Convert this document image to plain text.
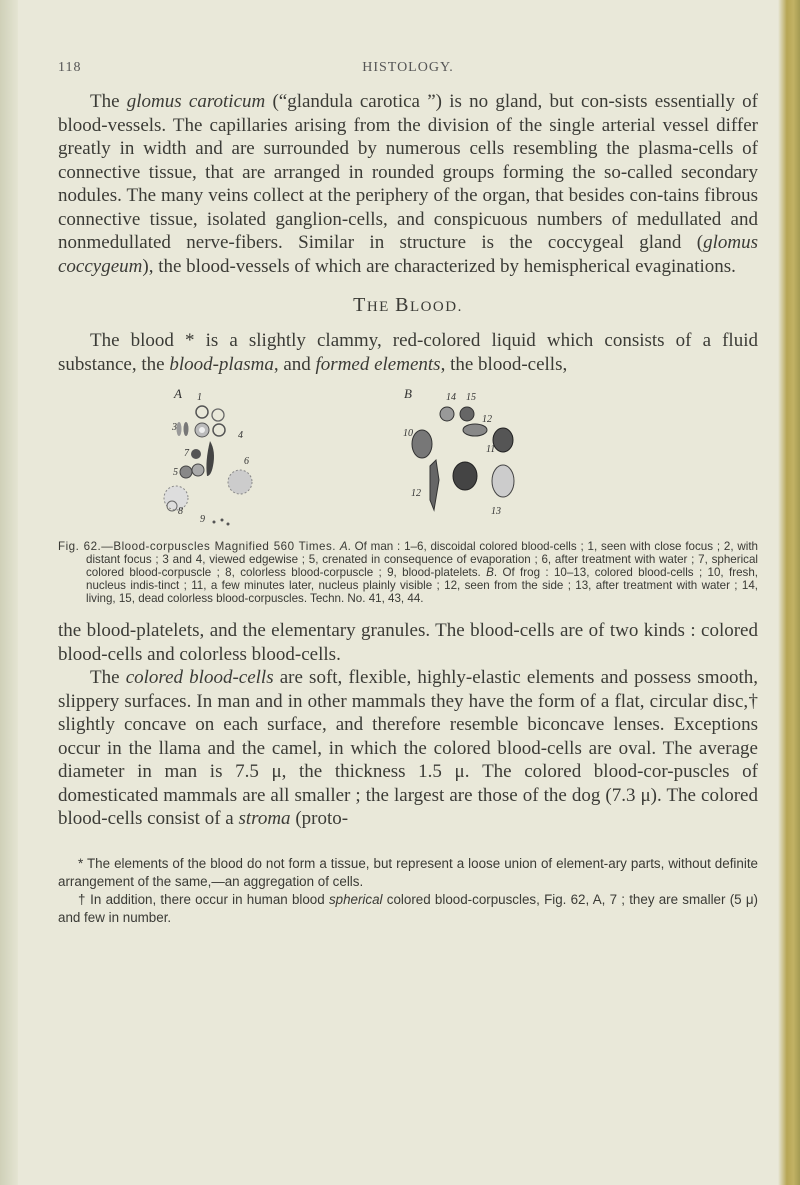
118	HISTOLOGY.

The glomus caroticum (“glandula carotica ”) is no gland, but con-sists essentially of blood-vessels. The capillaries arising from the division of the single arterial vessel differ greatly in width and are surrounded by numerous cells resembling the plasma-cells of connective tissue, that are arranged in rounded groups forming the so-called secondary nodules. The many veins collect at the periphery of the organ, that besides con-tains fibrous connective tissue, isolated ganglion-cells, and conspicuous numbers of medullated and nonmedullated nerve-fibers. Similar in structure is the coccygeal gland (glomus coccygeum), the blood-vessels of which are characterized by hemispherical evaginations.

THE BLOOD.

The blood * is a slightly clammy, red-colored liquid which consists of a fluid substance, the blood-plasma, and formed elements, the blood-cells,

A 1
3
4
7
5
6
8
9
B	14 15
12
10
11
12
13

Fig. 62.—Blood-corpuscles Magnified 560 Times. A. Of man : 1–6, discoidal colored blood-cells ; 1, seen with close focus ; 2, with distant focus ; 3 and 4, viewed edgewise ; 5, crenated in consequence of evaporation ; 6, after treatment with water ; 7, spherical colored blood-corpuscle ; 8, colorless blood-corpuscle ; 9, blood-platelets. B. Of frog : 10–13, colored blood-cells ; 10, fresh, nucleus indis-tinct ; 11, a few minutes later, nucleus plainly visible ; 12, seen from the side ; 13, after treatment with water ; 14, living, 15, dead colorless blood-corpuscles. Techn. No. 41, 43, 44.

the blood-platelets, and the elementary granules. The blood-cells are of two kinds : colored blood-cells and colorless blood-cells.

The colored blood-cells are soft, flexible, highly-elastic elements and possess smooth, slippery surfaces. In man and in other mammals they have the form of a flat, circular disc,† slightly concave on each surface, and therefore resemble biconcave lenses. Exceptions occur in the llama and the camel, in which the colored blood-cells are oval. The average diameter in man is 7.5 μ, the thickness 1.5 μ. The colored blood-cor-puscles of domesticated mammals are all smaller ; the largest are those of the dog (7.3 μ). The colored blood-cells consist of a stroma (proto-

* The elements of the blood do not form a tissue, but represent a loose union of element-ary parts, without definite arrangement of the same,—an aggregation of cells.

† In addition, there occur in human blood spherical colored blood-corpuscles, Fig. 62, A, 7 ; they are smaller (5 μ) and few in number.
